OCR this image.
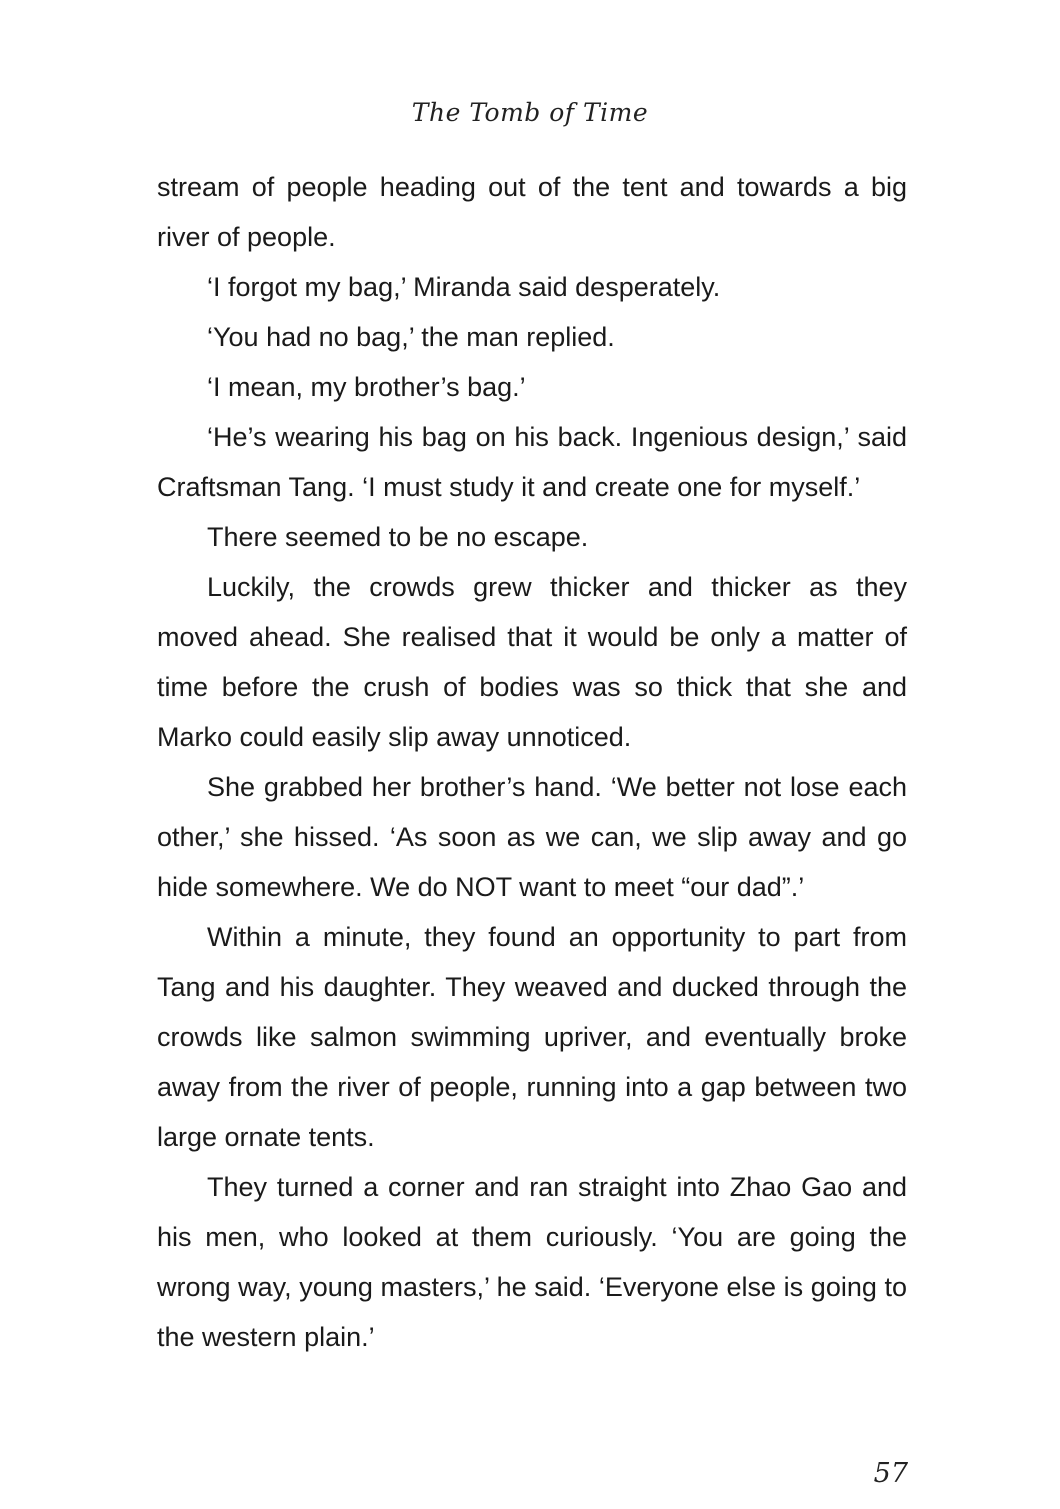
The Tomb of Time

stream of people heading out of the tent and towards a big river of people.

‘I forgot my bag,’ Miranda said desperately.

‘You had no bag,’ the man replied.

‘I mean, my brother’s bag.’

‘He’s wearing his bag on his back. Ingenious design,’ said Craftsman Tang. ‘I must study it and create one for myself.’

There seemed to be no escape.

Luckily, the crowds grew thicker and thicker as they moved ahead. She realised that it would be only a matter of time before the crush of bodies was so thick that she and Marko could easily slip away unnoticed.

She grabbed her brother’s hand. ‘We better not lose each other,’ she hissed. ‘As soon as we can, we slip away and go hide somewhere. We do NOT want to meet “our dad”.’

Within a minute, they found an opportunity to part from Tang and his daughter. They weaved and ducked through the crowds like salmon swimming upriver, and eventually broke away from the river of people, running into a gap between two large ornate tents.

They turned a corner and ran straight into Zhao Gao and his men, who looked at them curiously. ‘You are going the wrong way, young masters,’ he said. ‘Everyone else is going to the western plain.’

57
